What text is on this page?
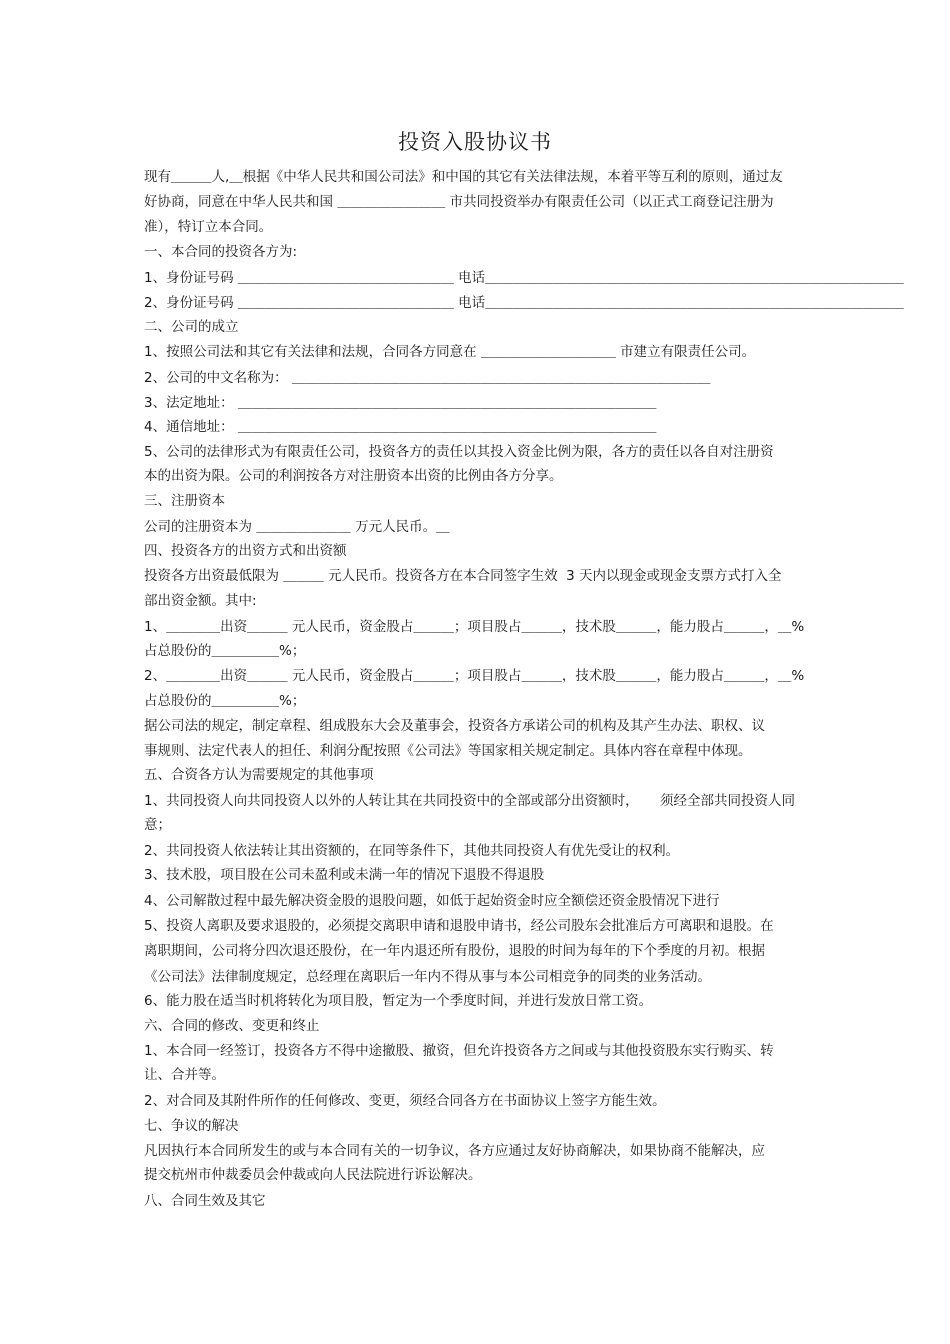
投资入股协议书
现有＿＿＿人,＿根据《中华人民共和国公司法》和中国的其它有关法律法规，本着平等互利的原则，通过友
好协商，同意在中华人民共和国 ＿＿＿＿＿＿＿＿ 市共同投资举办有限责任公司（以正式工商登记注册为
准），特订立本合同。
一、本合同的投资各方为:
1、身份证号码 ＿＿＿＿＿＿＿＿＿＿＿＿＿＿＿＿ 电话＿＿＿＿＿＿＿＿＿＿＿＿＿＿＿＿＿＿＿＿＿＿＿＿＿＿＿＿＿＿＿
2、身份证号码 ＿＿＿＿＿＿＿＿＿＿＿＿＿＿＿＿ 电话＿＿＿＿＿＿＿＿＿＿＿＿＿＿＿＿＿＿＿＿＿＿＿＿＿＿＿＿＿＿＿
二、公司的成立
1、按照公司法和其它有关法律和法规，合同各方同意在 ＿＿＿＿＿＿＿＿＿＿ 市建立有限责任公司。
2、公司的中文名称为： ＿＿＿＿＿＿＿＿＿＿＿＿＿＿＿＿＿＿＿＿＿＿＿＿＿＿＿＿＿＿＿
3、法定地址： ＿＿＿＿＿＿＿＿＿＿＿＿＿＿＿＿＿＿＿＿＿＿＿＿＿＿＿＿＿＿＿
4、通信地址： ＿＿＿＿＿＿＿＿＿＿＿＿＿＿＿＿＿＿＿＿＿＿＿＿＿＿＿＿＿＿＿
5、公司的法律形式为有限责任公司，投资各方的责任以其投入资金比例为限，各方的责任以各自对注册资
本的出资为限。公司的利润按各方对注册资本出资的比例由各方分享。
三、注册资本
公司的注册资本为 ＿＿＿＿＿＿＿ 万元人民币。＿
四、投资各方的出资方式和出资额
投资各方出资最低限为 ＿＿＿ 元人民币。投资各方在本合同签字生效  3 天内以现金或现金支票方式打入全
部出资金额。其中:
1、＿＿＿＿出资＿＿＿ 元人民币，资金股占＿＿＿；项目股占＿＿＿，技术股＿＿＿，能力股占＿＿＿，＿%
占总股份的＿＿＿＿＿%；
2、＿＿＿＿出资＿＿＿ 元人民币，资金股占＿＿＿；项目股占＿＿＿，技术股＿＿＿，能力股占＿＿＿，＿%
占总股份的＿＿＿＿＿%；
据公司法的规定，制定章程、组成股东大会及董事会，投资各方承诺公司的机构及其产生办法、职权、议
事规则、法定代表人的担任、利润分配按照《公司法》等国家相关规定制定。具体内容在章程中体现。
五、合资各方认为需要规定的其他事项
1、共同投资人向共同投资人以外的人转让其在共同投资中的全部或部分出资额时，     须经全部共同投资人同
意；
2、共同投资人依法转让其出资额的，在同等条件下，其他共同投资人有优先受让的权利。
3、技术股，项目股在公司未盈利或未满一年的情况下退股不得退股
4、公司解散过程中最先解决资金股的退股问题，如低于起始资金时应全额偿还资金股情况下进行
5、投资人离职及要求退股的，必须提交离职申请和退股申请书，经公司股东会批准后方可离职和退股。在
离职期间，公司将分四次退还股份，在一年内退还所有股份，退股的时间为每年的下个季度的月初。根据
《公司法》法律制度规定，总经理在离职后一年内不得从事与本公司相竞争的同类的业务活动。
6、能力股在适当时机将转化为项目股，暂定为一个季度时间，并进行发放日常工资。
六、合同的修改、变更和终止
1、本合同一经签订，投资各方不得中途撤股、撤资，但允许投资各方之间或与其他投资股东实行购买、转
让、合并等。
2、对合同及其附件所作的任何修改、变更，须经合同各方在书面协议上签字方能生效。
七、争议的解决
凡因执行本合同所发生的或与本合同有关的一切争议，各方应通过友好协商解决，如果协商不能解决，应
提交杭州市仲裁委员会仲裁或向人民法院进行诉讼解决。
八、合同生效及其它
